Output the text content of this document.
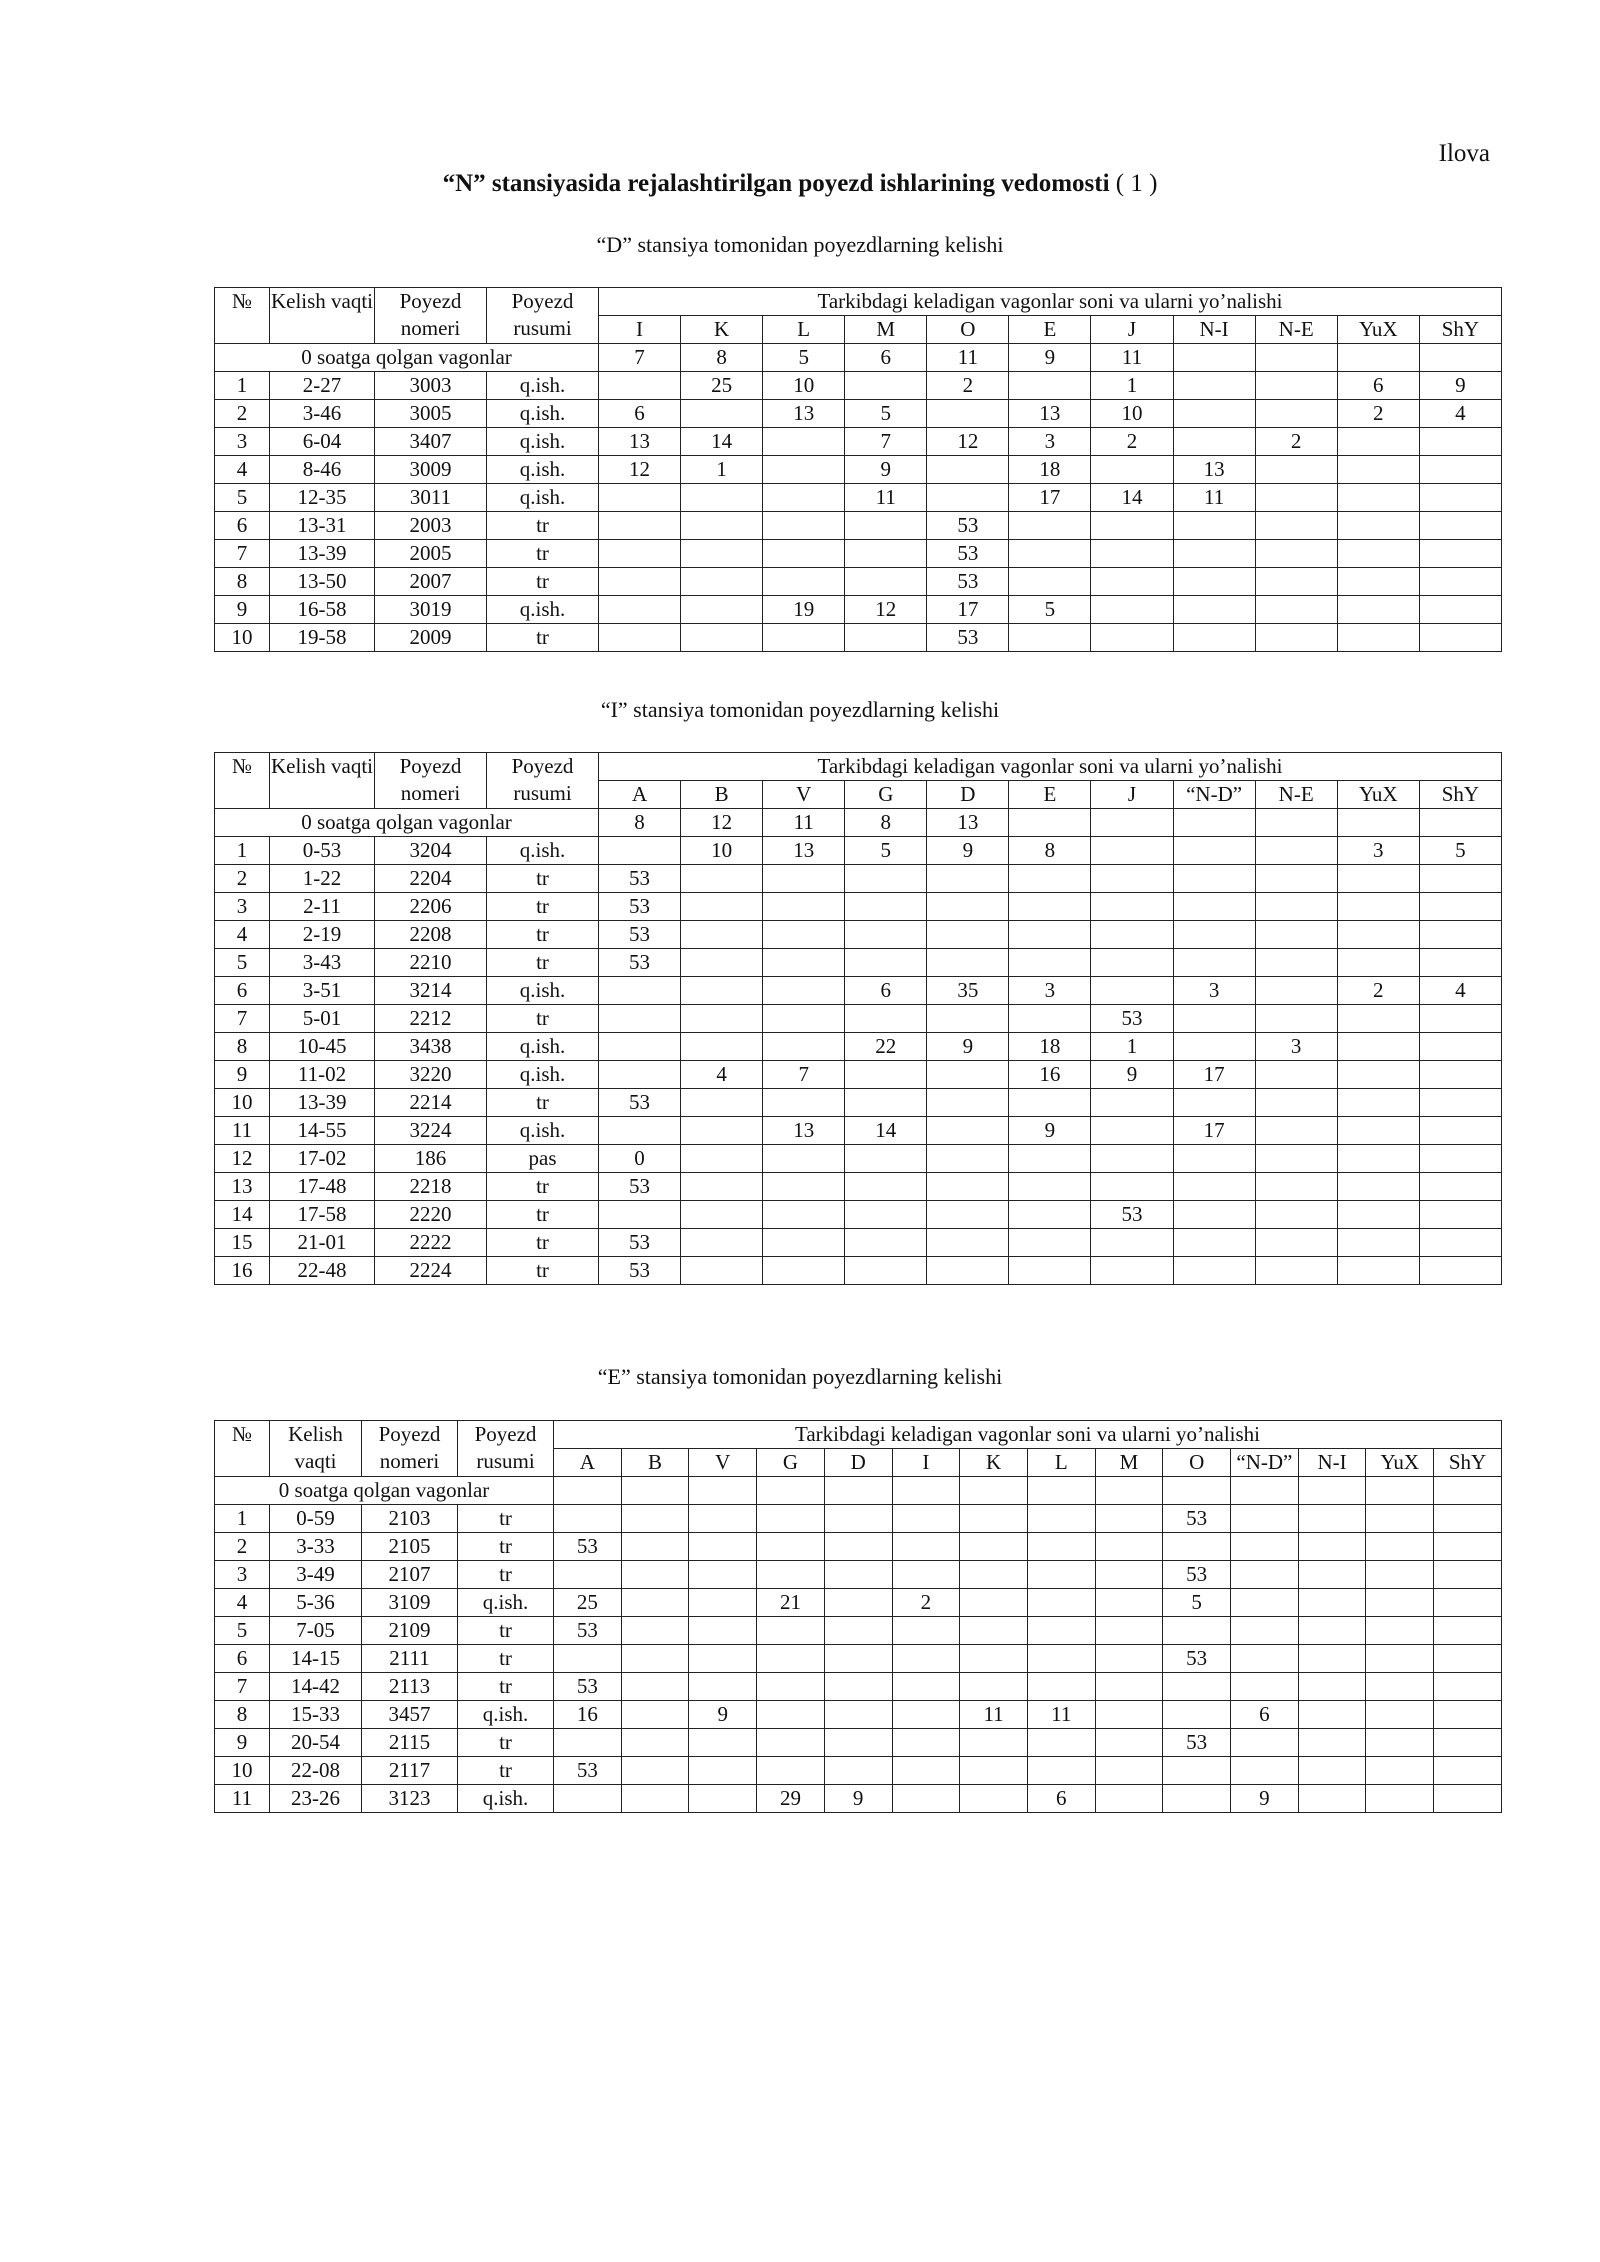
Ilova
“N” stansiyasida rejalashtirilgan poyezd ishlarining vedomosti ( 1 )
“D” stansiya tomonidan poyezdlarning kelishi
№	Kelish vaqti	Poyezd nomeri	Poyezd rusumi	Tarkibdagi keladigan vagonlar soni va ularni yo’nalishi										
				I	K	L	M	O	E	J	N-I	N-E	YuX	ShY
0 soatga qolgan vagonlar				7	8	5	6	11	9	11				
1	2-27	3003	q.ish.		25	10		2		1			6	9
2	3-46	3005	q.ish.	6		13	5		13	10			2	4
3	6-04	3407	q.ish.	13	14		7	12	3	2		2		
4	8-46	3009	q.ish.	12	1		9		18		13			
5	12-35	3011	q.ish.				11		17	14	11			
6	13-31	2003	tr					53						
7	13-39	2005	tr					53						
8	13-50	2007	tr					53						
9	16-58	3019	q.ish.			19	12	17	5					
10	19-58	2009	tr					53						
“I” stansiya tomonidan poyezdlarning kelishi
№	Kelish vaqti	Poyezd nomeri	Poyezd rusumi	Tarkibdagi keladigan vagonlar soni va ularni yo’nalishi										
				A	B	V	G	D	E	J	“N-D”	N-E	YuX	ShY
0 soatga qolgan vagonlar				8	12	11	8	13						
1	0-53	3204	q.ish.		10	13	5	9	8				3	5
2	1-22	2204	tr	53										
3	2-11	2206	tr	53										
4	2-19	2208	tr	53										
5	3-43	2210	tr	53										
6	3-51	3214	q.ish.				6	35	3		3		2	4
7	5-01	2212	tr							53				
8	10-45	3438	q.ish.				22	9	18	1		3		
9	11-02	3220	q.ish.		4	7			16	9	17			
10	13-39	2214	tr	53										
11	14-55	3224	q.ish.			13	14		9		17			
12	17-02	186	pas	0										
13	17-48	2218	tr	53										
14	17-58	2220	tr							53				
15	21-01	2222	tr	53										
16	22-48	2224	tr	53										
“E” stansiya tomonidan poyezdlarning kelishi
№	Kelish vaqti	Poyezd nomeri	Poyezd rusumi	Tarkibdagi keladigan vagonlar soni va ularni yo’nalishi													
				A	B	V	G	D	I	K	L	M	O	“N-D”	N-I	YuX	ShY
0 soatga qolgan vagonlar																	
1	0-59	2103	tr										53				
2	3-33	2105	tr	53													
3	3-49	2107	tr										53				
4	5-36	3109	q.ish.	25			21		2				5				
5	7-05	2109	tr	53													
6	14-15	2111	tr										53				
7	14-42	2113	tr	53													
8	15-33	3457	q.ish.	16		9				11	11			6			
9	20-54	2115	tr										53				
10	22-08	2117	tr	53													
11	23-26	3123	q.ish.				29	9			6			9			
